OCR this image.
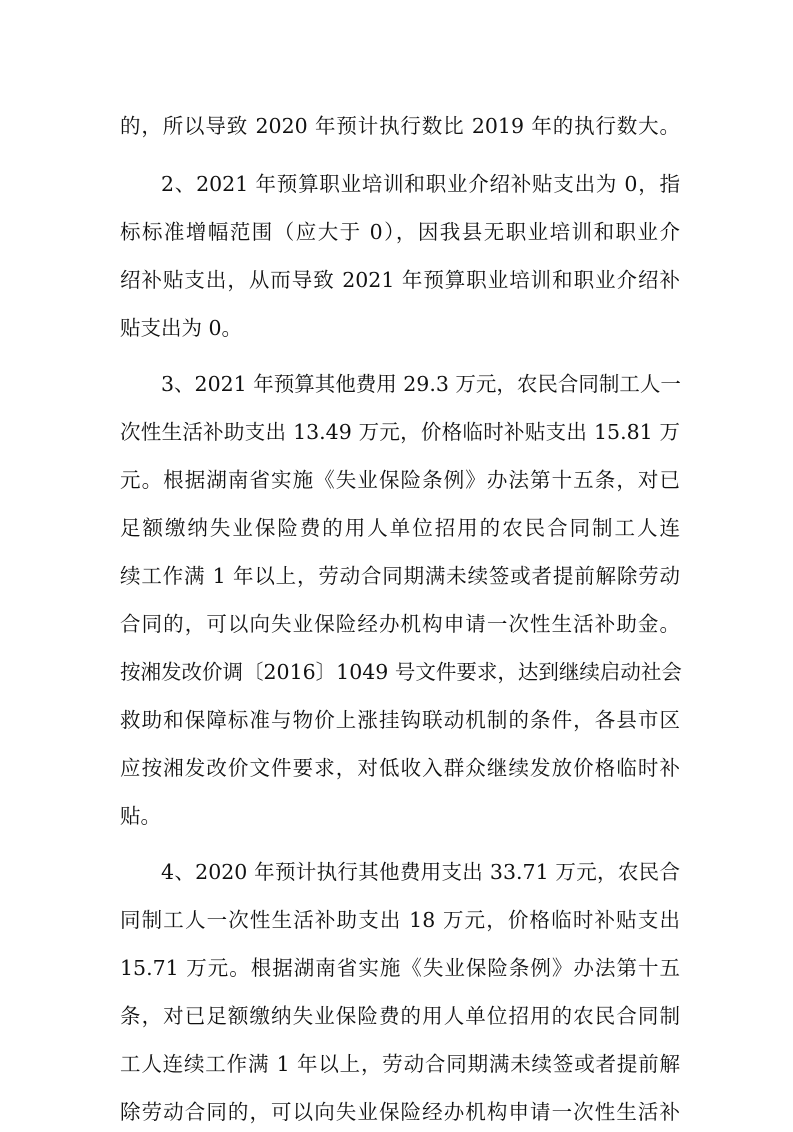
的，所以导致 2020 年预计执行数比 2019 年的执行数大。
2、2021 年预算职业培训和职业介绍补贴支出为 0，指
标标准增幅范围（应大于 0），因我县无职业培训和职业介
绍补贴支出，从而导致 2021 年预算职业培训和职业介绍补
贴支出为 0。
3、2021 年预算其他费用 29.3 万元，农民合同制工人一
次性生活补助支出 13.49 万元，价格临时补贴支出 15.81 万
元。根据湖南省实施《失业保险条例》办法第十五条，对已
足额缴纳失业保险费的用人单位招用的农民合同制工人连
续工作满 1 年以上，劳动合同期满未续签或者提前解除劳动
合同的，可以向失业保险经办机构申请一次性生活补助金。
按湘发改价调〔2016〕1049 号文件要求，达到继续启动社会
救助和保障标准与物价上涨挂钩联动机制的条件，各县市区
应按湘发改价文件要求，对低收入群众继续发放价格临时补
贴。
4、2020 年预计执行其他费用支出 33.71 万元，农民合
同制工人一次性生活补助支出 18 万元，价格临时补贴支出
15.71 万元。根据湖南省实施《失业保险条例》办法第十五
条，对已足额缴纳失业保险费的用人单位招用的农民合同制
工人连续工作满 1 年以上，劳动合同期满未续签或者提前解
除劳动合同的，可以向失业保险经办机构申请一次性生活补
